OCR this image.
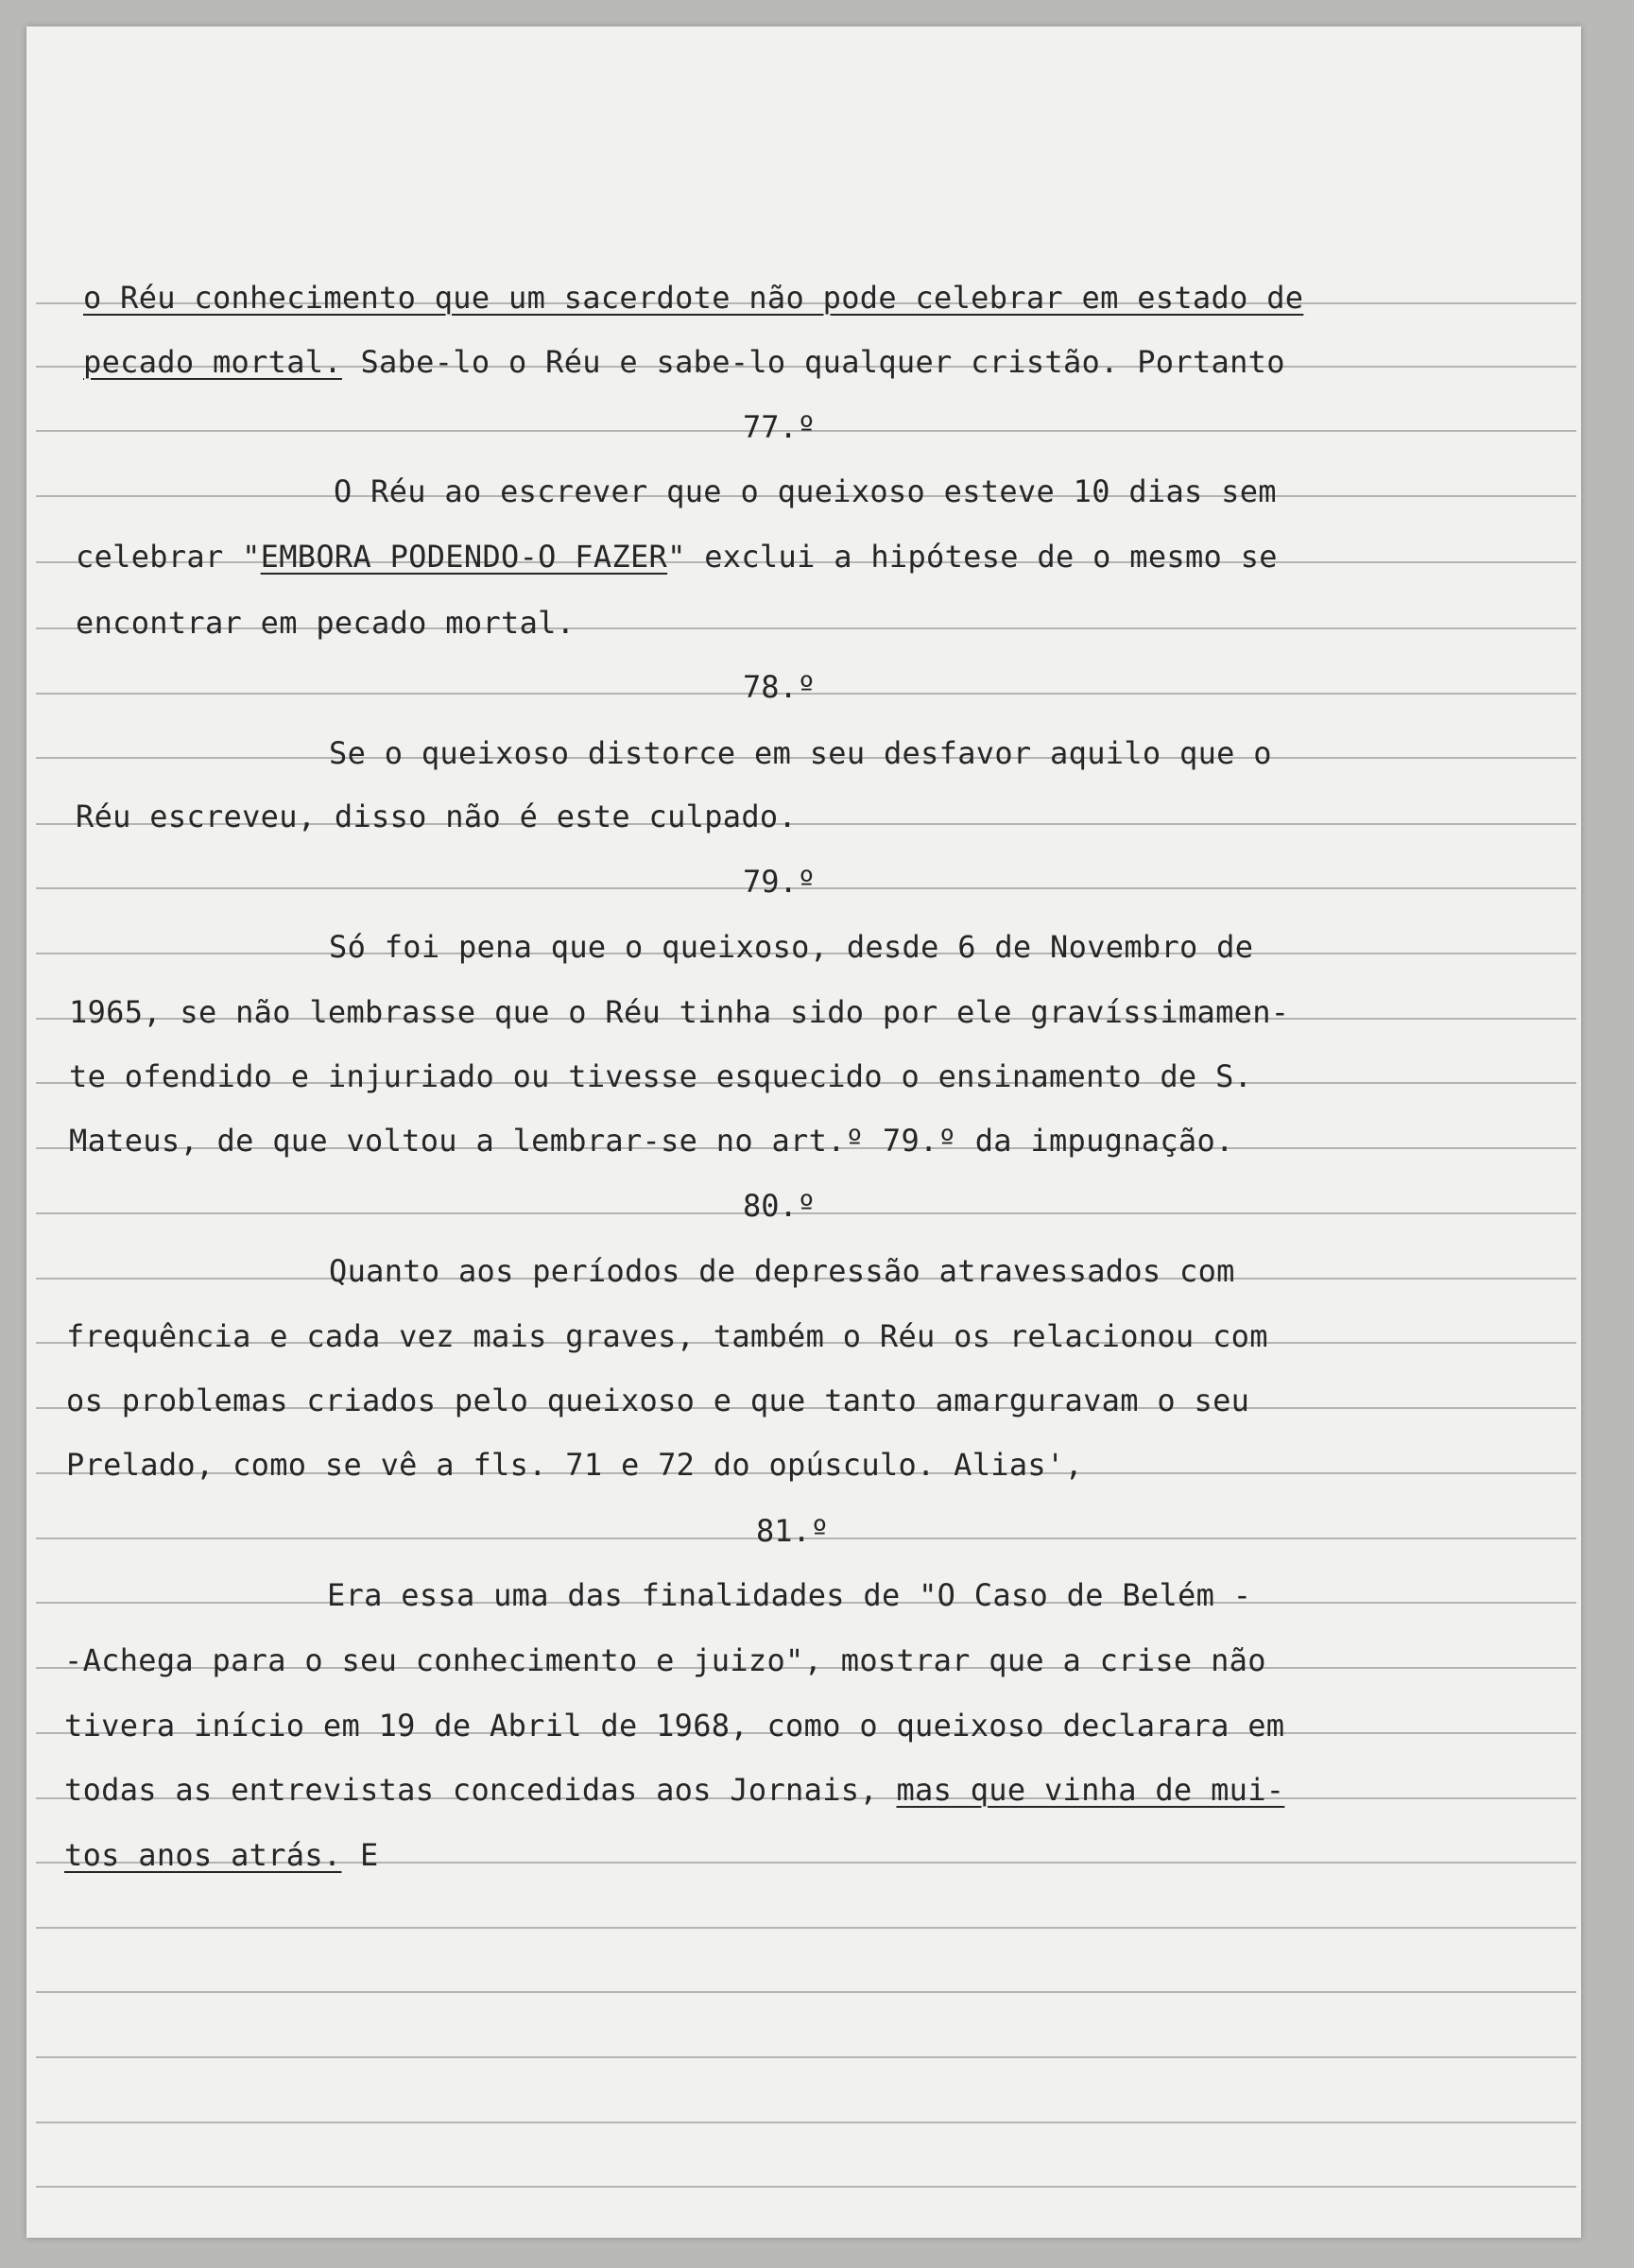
o Réu conhecimento que um sacerdote não pode celebrar em estado de
pecado mortal. Sabe-lo o Réu e sabe-lo qualquer cristão. Portanto
77.º
O Réu ao escrever que o queixoso esteve 10 dias sem
celebrar "EMBORA PODENDO-O FAZER" exclui a hipótese de o mesmo se
encontrar em pecado mortal.
78.º
Se o queixoso distorce em seu desfavor aquilo que o
Réu escreveu, disso não é este culpado.
79.º
Só foi pena que o queixoso, desde 6 de Novembro de
1965, se não lembrasse que o Réu tinha sido por ele gravíssimamen-
te ofendido e injuriado ou tivesse esquecido o ensinamento de S.
Mateus, de que voltou a lembrar-se no art.º 79.º da impugnação.
80.º
Quanto aos períodos de depressão atravessados com
frequência e cada vez mais graves, também o Réu os relacionou com
os problemas criados pelo queixoso e que tanto amarguravam o seu
Prelado, como se vê a fls. 71 e 72 do opúsculo. Alias',
81.º
Era essa uma das finalidades de "O Caso de Belém -
-Achega para o seu conhecimento e juizo", mostrar que a crise não
tivera início em 19 de Abril de 1968, como o queixoso declarara em
todas as entrevistas concedidas aos Jornais, mas que vinha de mui-
tos anos atrás. E
